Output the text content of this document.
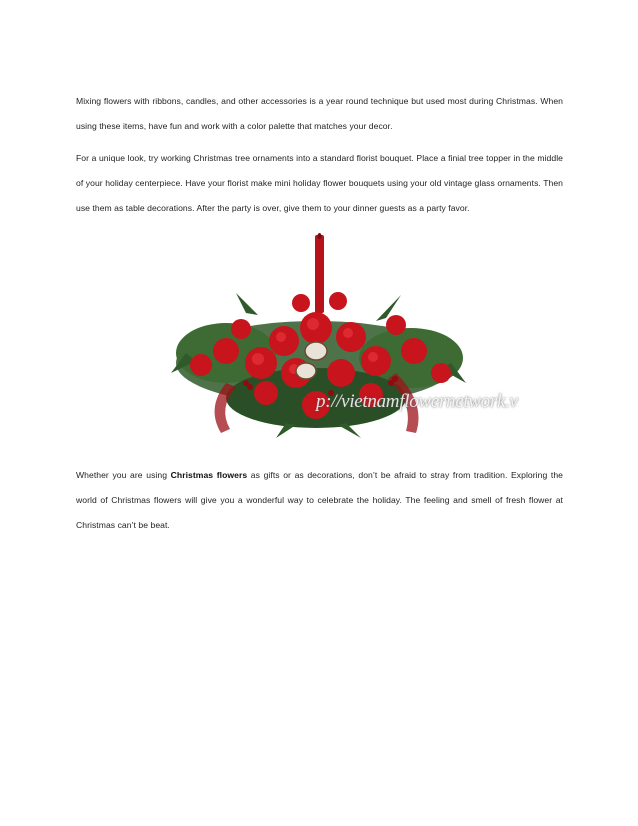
Mixing flowers with ribbons, candles, and other accessories is a year round technique but used most during Christmas. When using these items, have fun and work with a color palette that matches your decor.

For a unique look, try working Christmas tree ornaments into a standard florist bouquet. Place a finial tree topper in the middle of your holiday centerpiece. Have your florist make mini holiday flower bouquets using your old vintage glass ornaments. Then use them as table decorations. After the party is over, give them to your dinner guests as a party favor.

p://vietnamflowernetwork.v

Whether you are using Christmas flowers as gifts or as decorations, don’t be afraid to stray from tradition. Exploring the world of Christmas flowers will give you a wonderful way to celebrate the holiday. The feeling and smell of fresh flower at Christmas can’t be beat.
